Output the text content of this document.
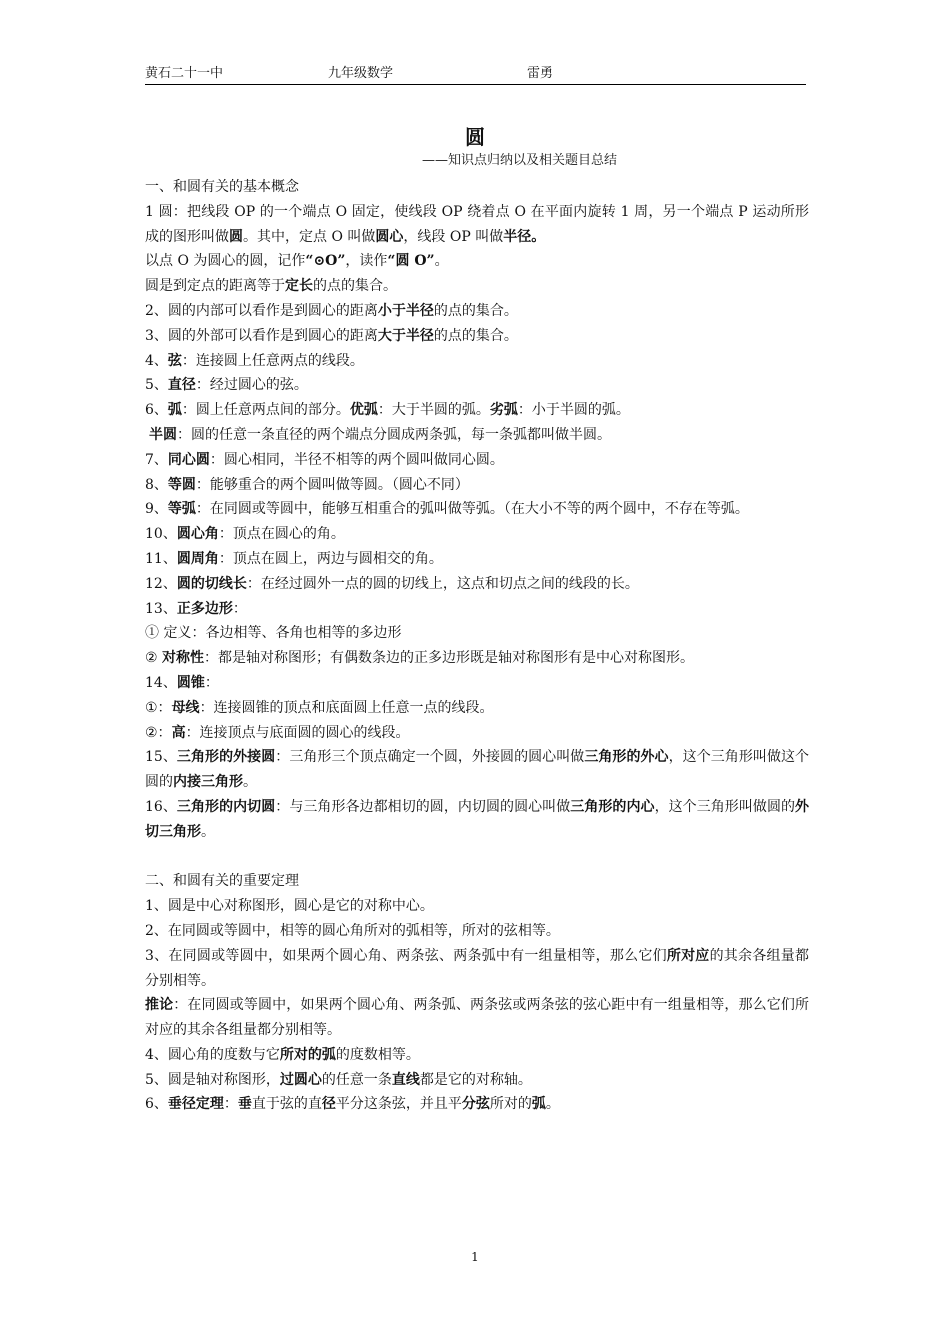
黄石二十一中	九年级数学	雷勇
圆
——知识点归纳以及相关题目总结

一、和圆有关的基本概念

1 圆：把线段 OP 的一个端点 O 固定，使线段 OP 绕着点 O 在平面内旋转 1 周，另一个端点 P 运动所形成的图形叫做圆。其中，定点 O 叫做圆心，线段 OP 叫做半径。

以点 O 为圆心的圆，记作“⊙O”，读作“圆 O”。

圆是到定点的距离等于定长的点的集合。

2、圆的内部可以看作是到圆心的距离小于半径的点的集合。

3、圆的外部可以看作是到圆心的距离大于半径的点的集合。

4、弦：连接圆上任意两点的线段。

5、直径：经过圆心的弦。

6、弧：圆上任意两点间的部分。优弧：大于半圆的弧。劣弧：小于半圆的弧。

半圆：圆的任意一条直径的两个端点分圆成两条弧，每一条弧都叫做半圆。

7、同心圆：圆心相同，半径不相等的两个圆叫做同心圆。

8、等圆：能够重合的两个圆叫做等圆。（圆心不同）

9、等弧：在同圆或等圆中，能够互相重合的弧叫做等弧。（在大小不等的两个圆中，不存在等弧。

10、圆心角：顶点在圆心的角。

11、圆周角：顶点在圆上，两边与圆相交的角。

12、圆的切线长：在经过圆外一点的圆的切线上，这点和切点之间的线段的长。

13、正多边形：

① 定义：各边相等、各角也相等的多边形

② 对称性：都是轴对称图形；有偶数条边的正多边形既是轴对称图形有是中心对称图形。

14、圆锥：

①：母线：连接圆锥的顶点和底面圆上任意一点的线段。

②：高：连接顶点与底面圆的圆心的线段。

15、三角形的外接圆：三角形三个顶点确定一个圆，外接圆的圆心叫做三角形的外心，这个三角形叫做这个圆的内接三角形。

16、三角形的内切圆：与三角形各边都相切的圆，内切圆的圆心叫做三角形的内心，这个三角形叫做圆的外切三角形。

二、和圆有关的重要定理

1、圆是中心对称图形，圆心是它的对称中心。

2、在同圆或等圆中，相等的圆心角所对的弧相等，所对的弦相等。

3、在同圆或等圆中，如果两个圆心角、两条弦、两条弧中有一组量相等，那么它们所对应的其余各组量都分别相等。

推论：在同圆或等圆中，如果两个圆心角、两条弧、两条弦或两条弦的弦心距中有一组量相等，那么它们所对应的其余各组量都分别相等。

4、圆心角的度数与它所对的弧的度数相等。

5、圆是轴对称图形，过圆心的任意一条直线都是它的对称轴。

6、垂径定理：垂直于弦的直径平分这条弦，并且平分弦所对的弧。

1
